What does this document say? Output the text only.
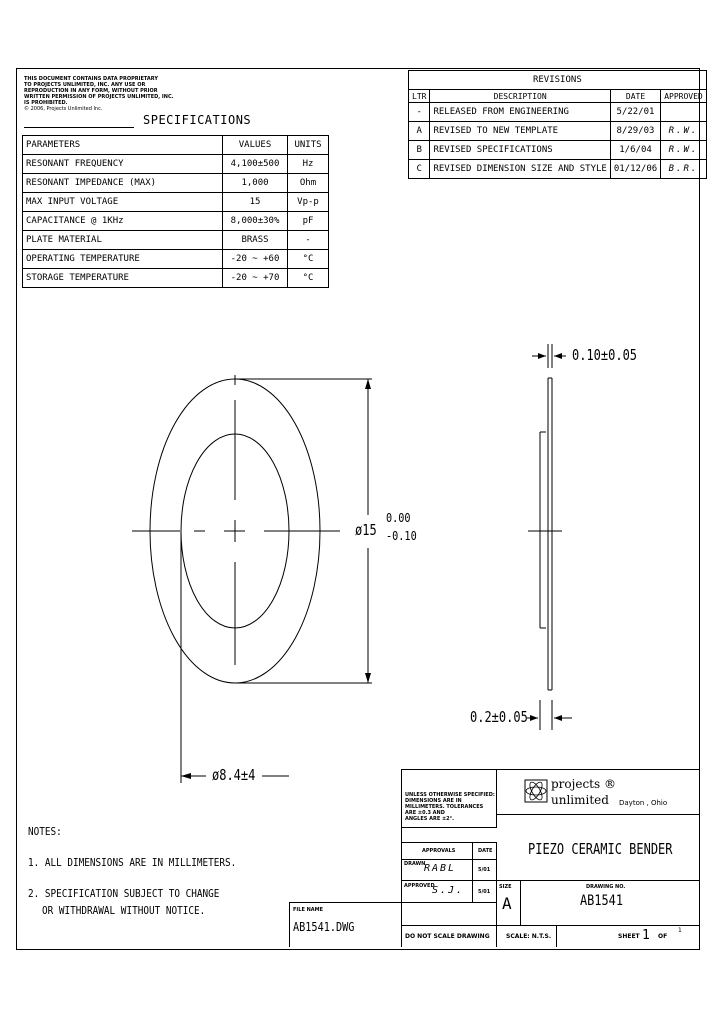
THIS DOCUMENT CONTAINS DATA PROPRIETARY
TO PROJECTS UNLIMITED, INC. ANY USE OR
REPRODUCTION IN ANY FORM, WITHOUT PRIOR
WRITTEN PERMISSION OF PROJECTS UNLIMITED, INC.
IS PROHIBITED.
© 2006, Projects Unlimited Inc.
SPECIFICATIONS
PARAMETERS	VALUES	UNITS
RESONANT FREQUENCY	4,100±500	Hz
RESONANT IMPEDANCE (MAX)	1,000	Ohm
MAX INPUT VOLTAGE	15	Vp-p
CAPACITANCE @ 1KHz	8,000±30%	pF
PLATE MATERIAL	BRASS	-
OPERATING TEMPERATURE	-20 ~ +60	°C
STORAGE TEMPERATURE	-20 ~ +70	°C
REVISIONS			
LTR	DESCRIPTION	DATE	APPROVED
-	RELEASED FROM ENGINEERING	5/22/01	
A	REVISED TO NEW TEMPLATE	8/29/03	R.W.
B	REVISED SPECIFICATIONS	1/6/04	R.W.
C	REVISED DIMENSION SIZE AND STYLE	01/12/06	B.R.
0.10±0.05
ø15
0.00
-0.10
0.2±0.05
ø8.4±4
NOTES:
1. ALL DIMENSIONS ARE IN MILLIMETERS.
2. SPECIFICATION SUBJECT TO CHANGE
OR WITHDRAWAL WITHOUT NOTICE.	FILE NAME
AB1541.DWG
UNLESS OTHERWISE SPECIFIED:
DIMENSIONS ARE IN
MILLIMETERS. TOLERANCES ARE ±0.3 AND
ANGLES ARE ±2°.
APPROVALS	DATE
DRAWN
RABL	5/01
APPROVED
S.J.	5/01
projects ®
unlimited Dayton , Ohio
PIEZO CERAMIC BENDER
SIZE
A
DRAWING NO.
AB1541
DO NOT SCALE DRAWING	SCALE: N.T.S.	SHEET 1 OF
1
